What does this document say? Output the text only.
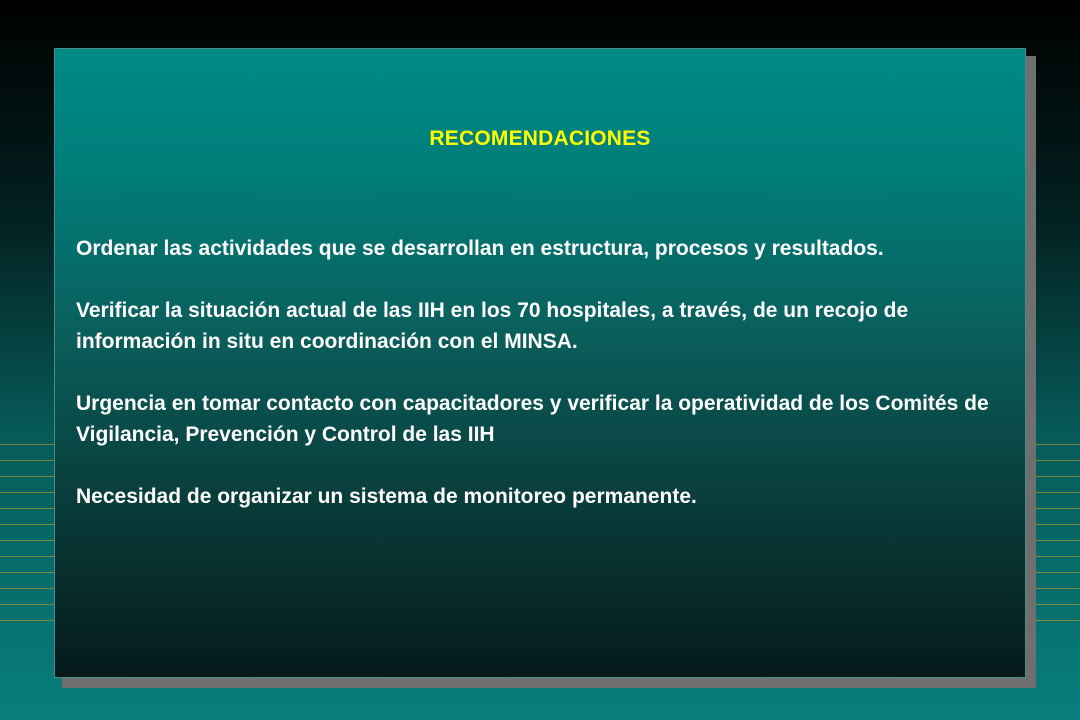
RECOMENDACIONES

Ordenar las actividades que se desarrollan en estructura, procesos y resultados.

Verificar la situación actual de las IIH en los 70 hospitales, a través, de un recojo de información in situ en coordinación con el MINSA.

Urgencia en tomar contacto con capacitadores y verificar la operatividad de los Comités de Vigilancia, Prevención y Control de las IIH

Necesidad de organizar un sistema de monitoreo permanente.
